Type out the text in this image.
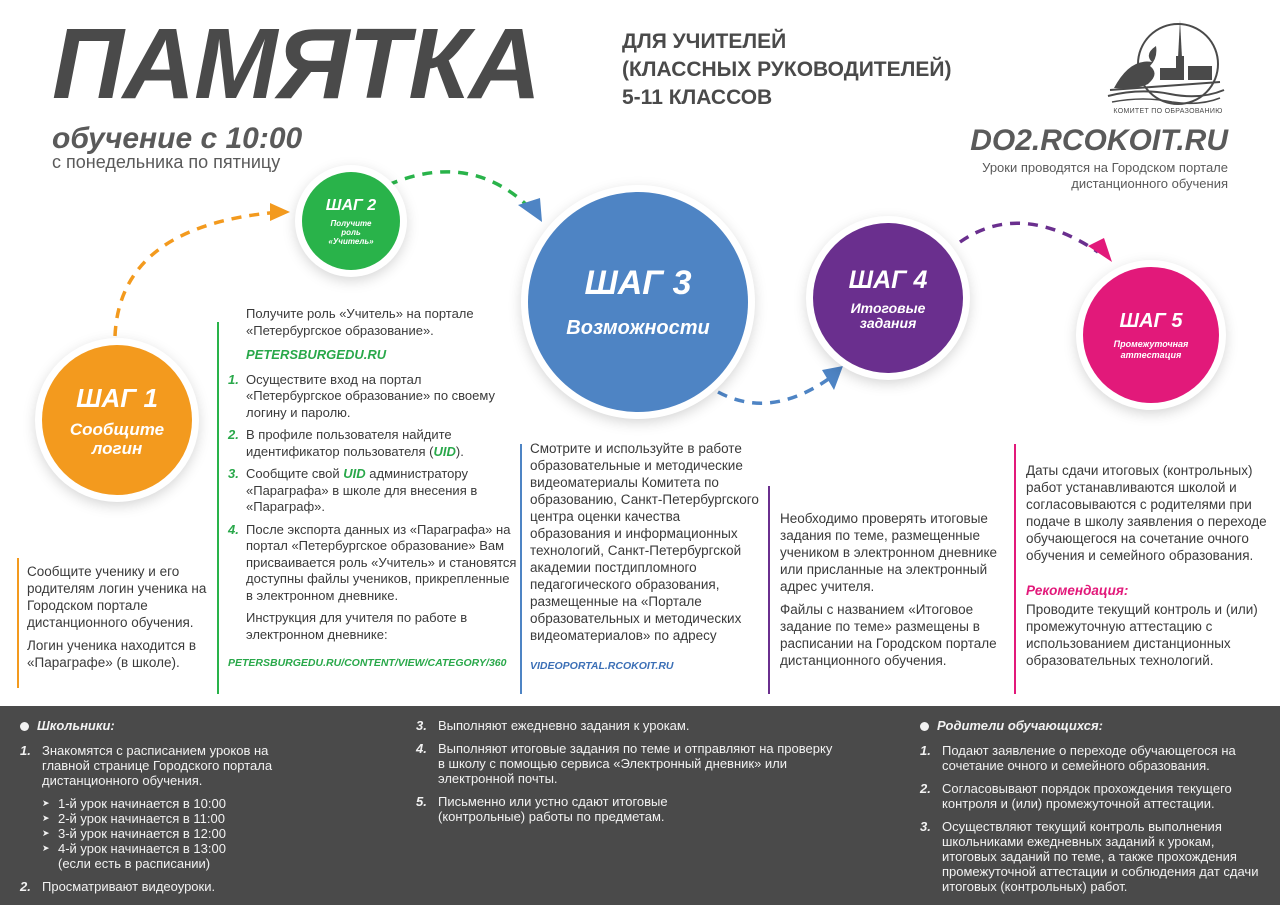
ПАМЯТКА	ДЛЯ УЧИТЕЛЕЙ
(КЛАССНЫХ РУКОВОДИТЕЛЕЙ)
5-11 КЛАССОВ
обучение с 10:00
с понедельника по пятницу
КОМИТЕТ ПО ОБРАЗОВАНИЮ
DO2.RCOKOIT.RU
Уроки проводятся на Городском портале дистанционного обучения
ШАГ 1
Сообщите логин
ШАГ 2
Получите роль «Учитель»
ШАГ 3
Возможности
ШАГ 4
Итоговые задания	ШАГ 5
Промежуточная аттестация

Сообщите ученику и его родителям логин ученика на Городском портале дистанционного обучения.

Логин ученика находится в «Параграфе» (в школе).

Получите роль «Учитель» на портале «Петербургское образование».
PETERSBURGEDU.RU
1. Осуществите вход на портал «Петербургское образование» по своему логину и паролю.
2. В профиле пользователя найдите идентификатор пользователя (UID).
3. Сообщите свой UID администратору «Параграфа» в школе для внесения в «Параграф».
4. После экспорта данных из «Параграфа» на портал «Петербургское образование» Вам присваивается роль «Учитель» и становятся доступны файлы учеников, прикрепленные в электронном дневнике.
Инструкция для учителя по работе в электронном дневнике:
PETERSBURGEDU.RU/CONTENT/VIEW/CATEGORY/360

Смотрите и используйте в работе образовательные и методические видеоматериалы Комитета по образованию, Санкт-Петербургского центра оценки качества образования и информационных технологий, Санкт-Петербургской академии постдипломного педагогического образования, размещенные на «Портале образовательных и методических видеоматериалов» по адресу

VIDEOPORTAL.RCOKOIT.RU

Необходимо проверять итоговые задания по теме, размещенные учеником в электронном дневнике или присланные на электронный адрес учителя.

Файлы с названием «Итоговое задание по теме» размещены в расписании на Городском портале дистанционного обучения.

Даты сдачи итоговых (контрольных) работ устанавливаются школой и согласовываются с родителями при подаче в школу заявления о переходе обучающегося на сочетание очного обучения и семейного образования.

Рекомендация:

Проводите текущий контроль и (или) промежуточную аттестацию с использованием дистанционных образовательных технологий.

Школьники:
1. Знакомятся с расписанием уроков на главной странице Городского портала дистанционного обучения.
➤ 1-й урок начинается в 10:00
➤ 2-й урок начинается в 11:00
➤ 3-й урок начинается в 12:00
➤ 4-й урок начинается в 13:00
(если есть в расписании)
2. Просматривают видеоуроки.
3. Выполняют ежедневно задания к урокам.
4. Выполняют итоговые задания по теме и отправляют на проверку в школу с помощью сервиса «Электронный дневник» или электронной почты.
5. Письменно или устно сдают итоговые (контрольные) работы по предметам.
Родители обучающихся:
1. Подают заявление о переходе обучающегося на сочетание очного и семейного образования.
2. Согласовывают порядок прохождения текущего контроля и (или) промежуточной аттестации.
3. Осуществляют текущий контроль выполнения школьниками ежедневных заданий к урокам, итоговых заданий по теме, а также прохождения промежуточной аттестации и соблюдения дат сдачи итоговых (контрольных) работ.
